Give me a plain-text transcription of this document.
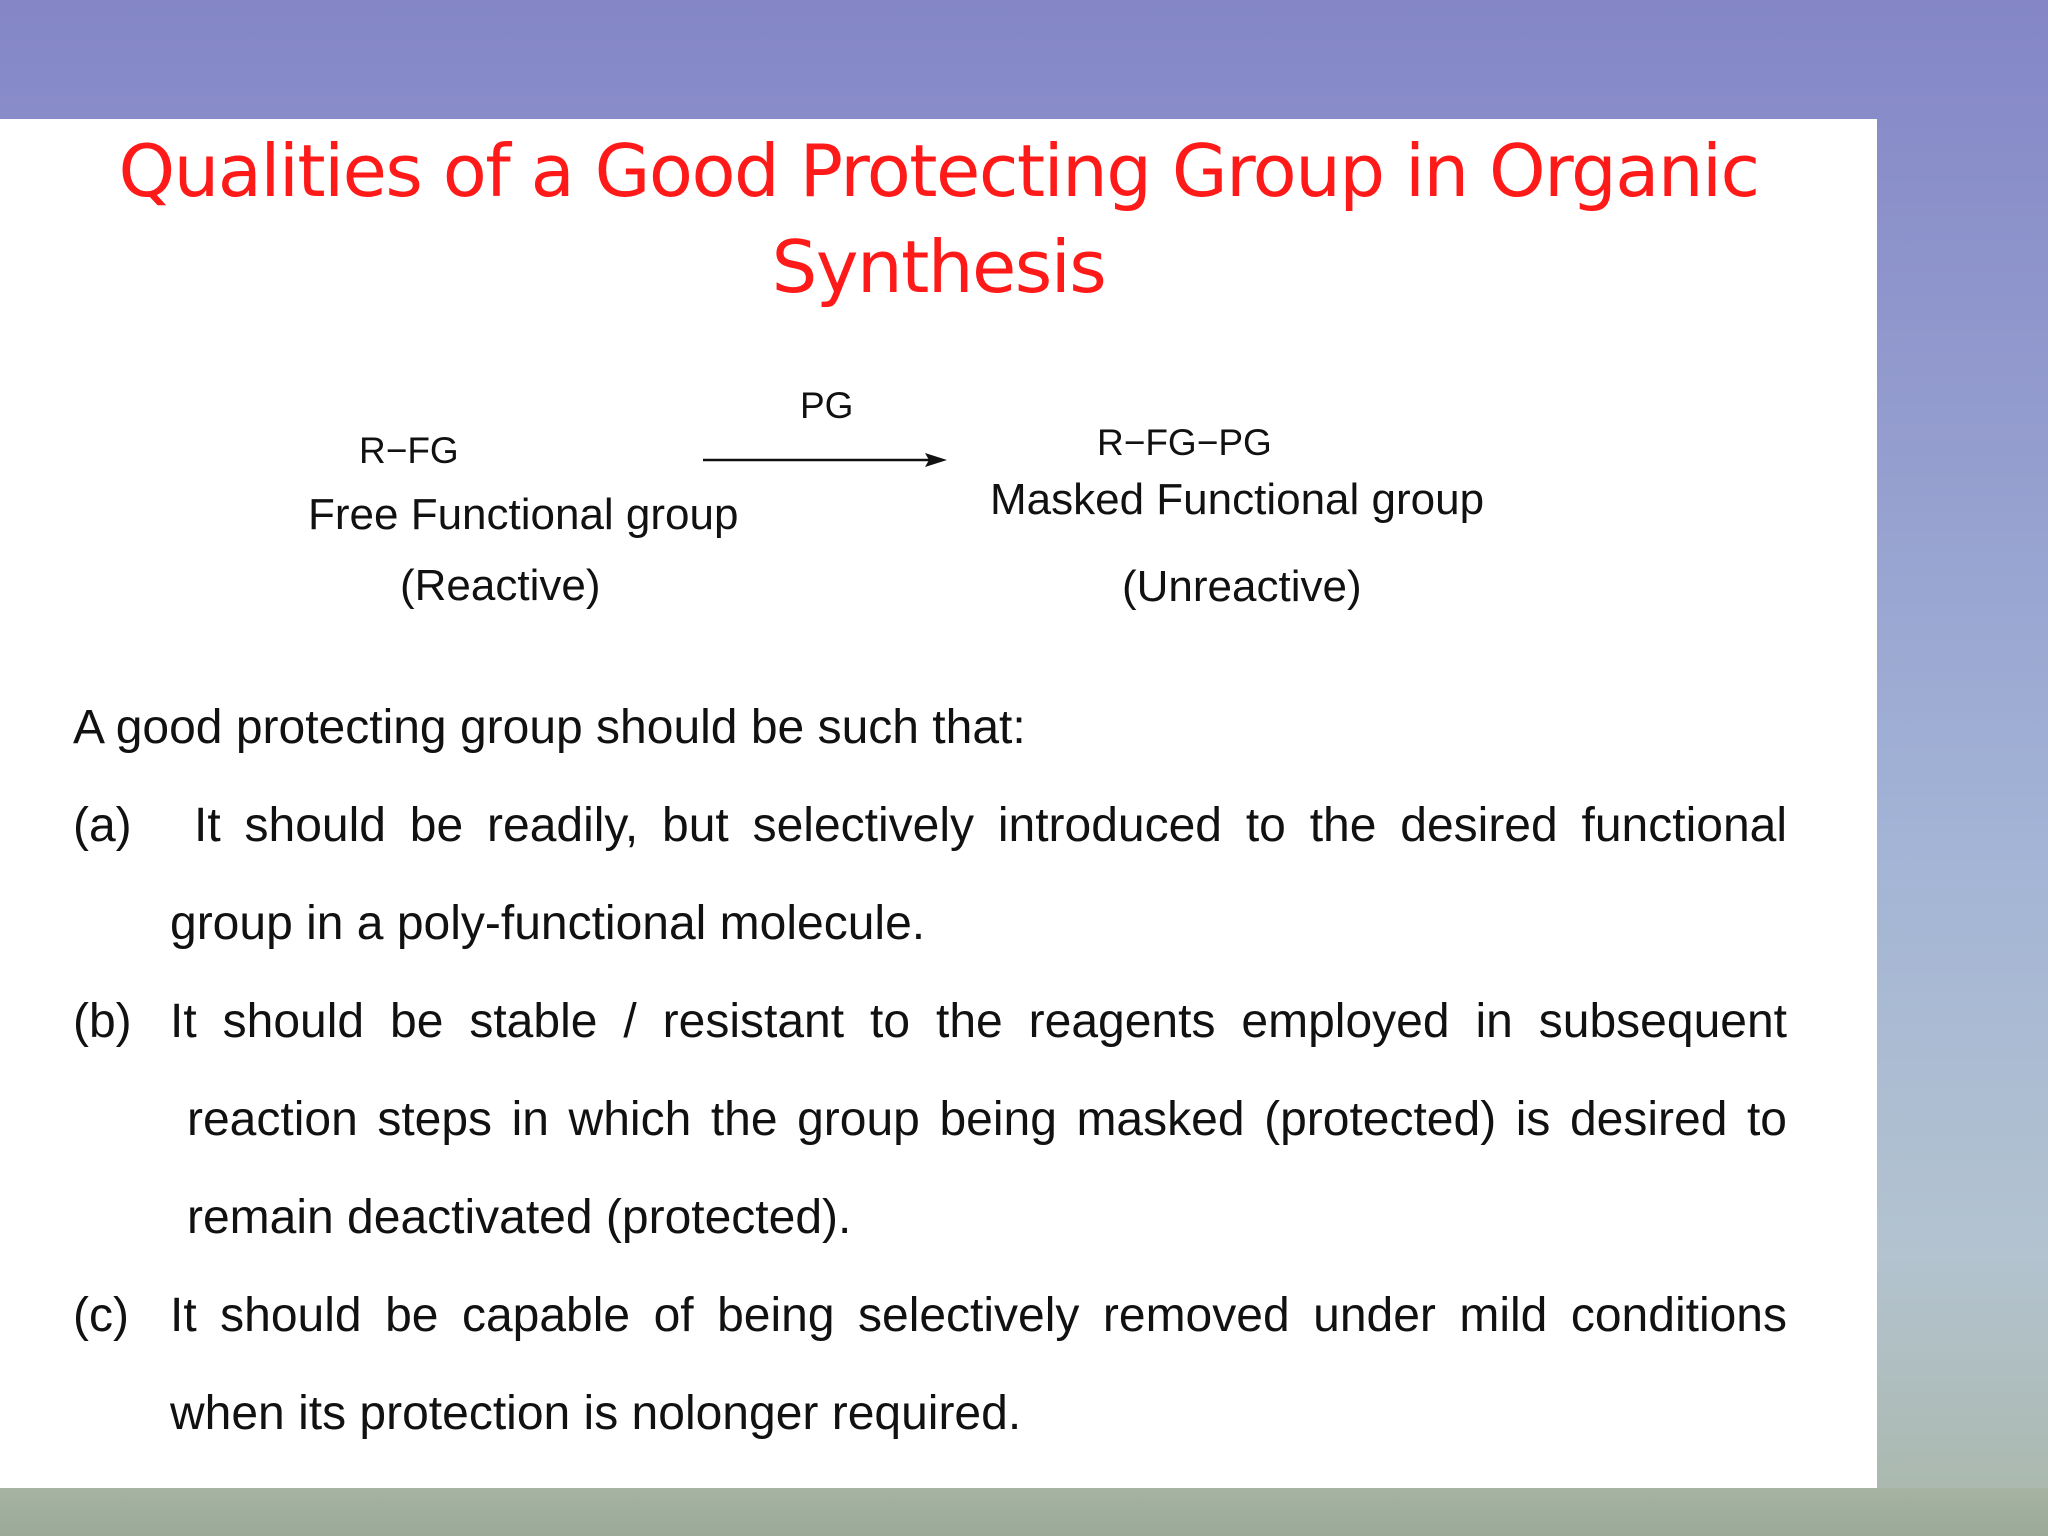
Qualities of a Good Protecting Group in Organic
Synthesis
R−FG
Free Functional group
(Reactive)
PG
R−FG−PG
Masked Functional group
(Unreactive)
A good protecting group should be such that:
(a)	It should be readily, but selectively introduced to the desired functional group in a poly-functional molecule.
(b) It should be stable / resistant to the reagents employed in subsequent reaction steps in which the group being masked (protected) is desired to remain deactivated (protected).
(c) It should be capable of being selectively removed under mild conditions when its protection is nolonger required.
